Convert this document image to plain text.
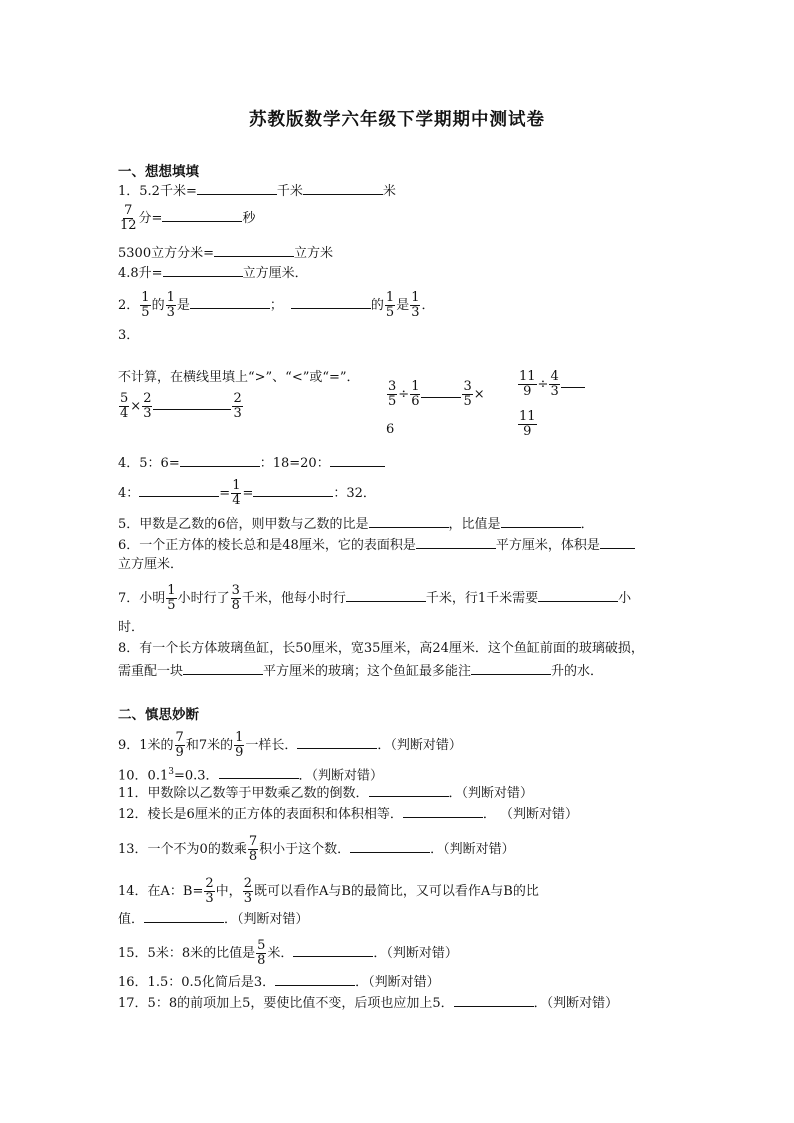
苏教版数学六年级下学期期中测试卷
一、想想填填
1．5.2千米=	千米	米
$\frac{7}{12}$ 分=	秒
5300立方分米=	立方米
4.8升=	立方厘米．
2． $\frac{1}{5}$ 的 $\frac{1}{3}$ 是	；	的 $\frac{1}{5}$ 是 $\frac{1}{3}$ ．
3．
不计算，在横线里填上“>”、“<”或“=”．
$\frac{5}{4} \times \frac{2}{3}$	$\frac{2}{3}$	$\frac{3}{5} \div \frac{1}{6}$	$\frac{3}{5}$ ×
6
$\frac{11}{9} \div \frac{4}{3}$
$\frac{11}{9}$
4．5：6=	：18=20：
4：	= $\frac{1}{4}$ =	：32．
5．甲数是乙数的6倍，则甲数与乙数的比是	，比值是	．
6．一个正方体的棱长总和是48厘米，它的表面积是	平方厘米，体积是
立方厘米．
7．小明 $\frac{1}{5}$ 小时行了 $\frac{3}{8}$ 千米，他每小时行	千米，行1千米需要	小
时．
8．有一个长方体玻璃鱼缸，长50厘米，宽35厘米，高24厘米．这个鱼缸前面的玻璃破损，
需重配一块	平方厘米的玻璃；这个鱼缸最多能注	升的水．
二、慎思妙断
9．1米的 $\frac{7}{9}$ 和7米的 $\frac{1}{9}$ 一样长．	．（判断对错）
10．$0.1^3=0.3$．	．（判断对错）
11．甲数除以乙数等于甲数乘乙数的倒数．	．（判断对错）
12．棱长是6厘米的正方体的表面积和体积相等．	． （判断对错）
13．一个不为0的数乘 $\frac{7}{8}$ 积小于这个数．	．（判断对错）
14．在A：$B= \frac{2}{3}$ 中， $\frac{2}{3}$ 既可以看作A与B的最简比，又可以看作A与B的比
值．	．（判断对错）
15．5米：8米的比值是 $\frac{5}{8}$ 米．	．（判断对错）
16．1.5：0.5化简后是3．	．（判断对错）
17．5：8的前项加上5，要使比值不变，后项也应加上5．	．（判断对错）
